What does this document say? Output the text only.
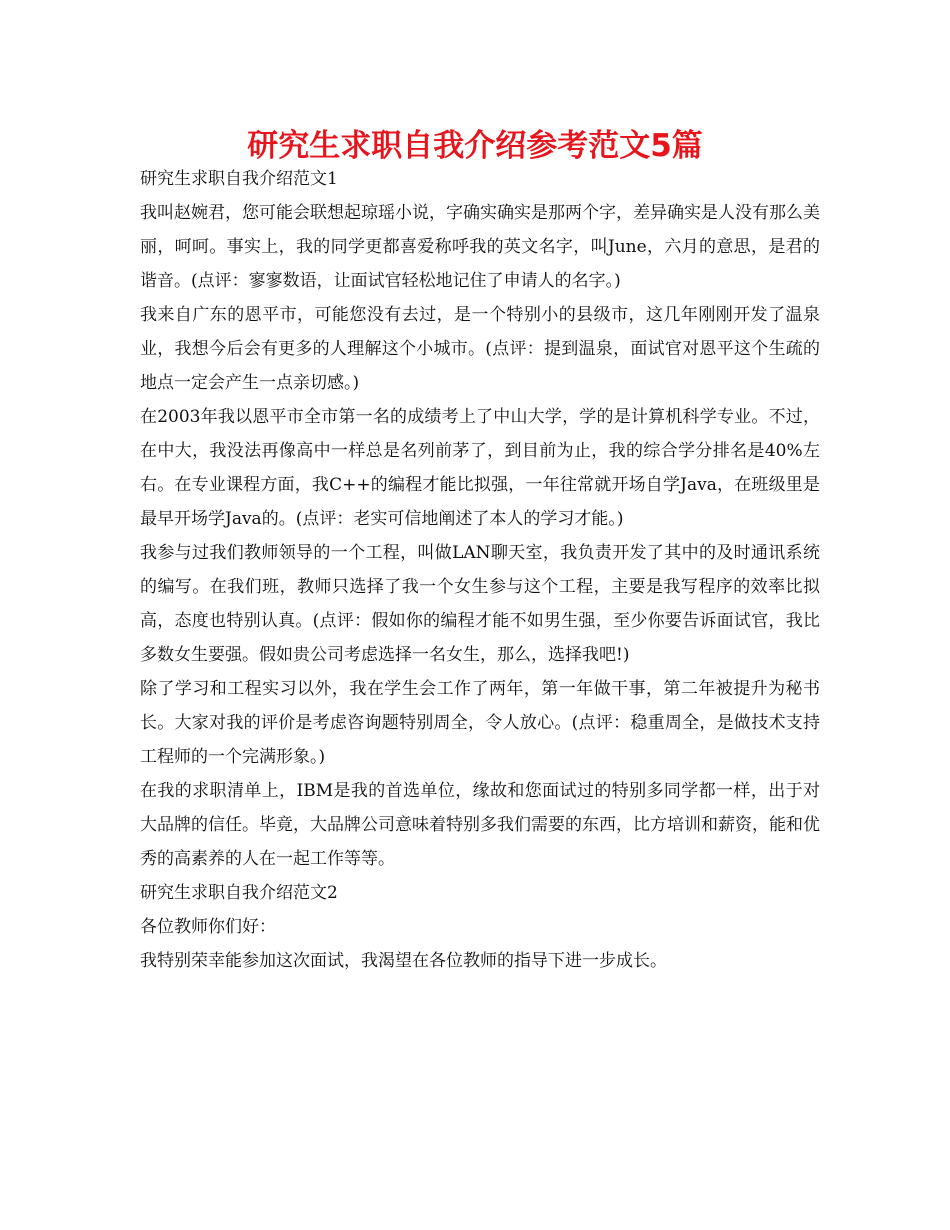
研究生求职自我介绍参考范文5篇

研究生求职自我介绍范文1

我叫赵婉君，您可能会联想起琼瑶小说，字确实确实是那两个字，差异确实是人没有那么美丽，呵呵。事实上，我的同学更都喜爱称呼我的英文名字，叫June，六月的意思，是君的谐音。(点评：寥寥数语，让面试官轻松地记住了申请人的名字。)

我来自广东的恩平市，可能您没有去过，是一个特别小的县级市，这几年刚刚开发了温泉业，我想今后会有更多的人理解这个小城市。(点评：提到温泉，面试官对恩平这个生疏的地点一定会产生一点亲切感。)

在2003年我以恩平市全市第一名的成绩考上了中山大学，学的是计算机科学专业。不过，在中大，我没法再像高中一样总是名列前茅了，到目前为止，我的综合学分排名是40%左右。在专业课程方面，我C++的编程才能比拟强，一年往常就开场自学Java，在班级里是最早开场学Java的。(点评：老实可信地阐述了本人的学习才能。)

我参与过我们教师领导的一个工程，叫做LAN聊天室，我负责开发了其中的及时通讯系统的编写。在我们班，教师只选择了我一个女生参与这个工程，主要是我写程序的效率比拟高，态度也特别认真。(点评：假如你的编程才能不如男生强，至少你要告诉面试官，我比多数女生要强。假如贵公司考虑选择一名女生，那么，选择我吧!)

除了学习和工程实习以外，我在学生会工作了两年，第一年做干事，第二年被提升为秘书长。大家对我的评价是考虑咨询题特别周全，令人放心。(点评：稳重周全，是做技术支持工程师的一个完满形象。)

在我的求职清单上，IBM是我的首选单位，缘故和您面试过的特别多同学都一样，出于对大品牌的信任。毕竟，大品牌公司意味着特别多我们需要的东西，比方培训和薪资，能和优秀的高素养的人在一起工作等等。

研究生求职自我介绍范文2

各位教师你们好：

我特别荣幸能参加这次面试，我渴望在各位教师的指导下进一步成长。
